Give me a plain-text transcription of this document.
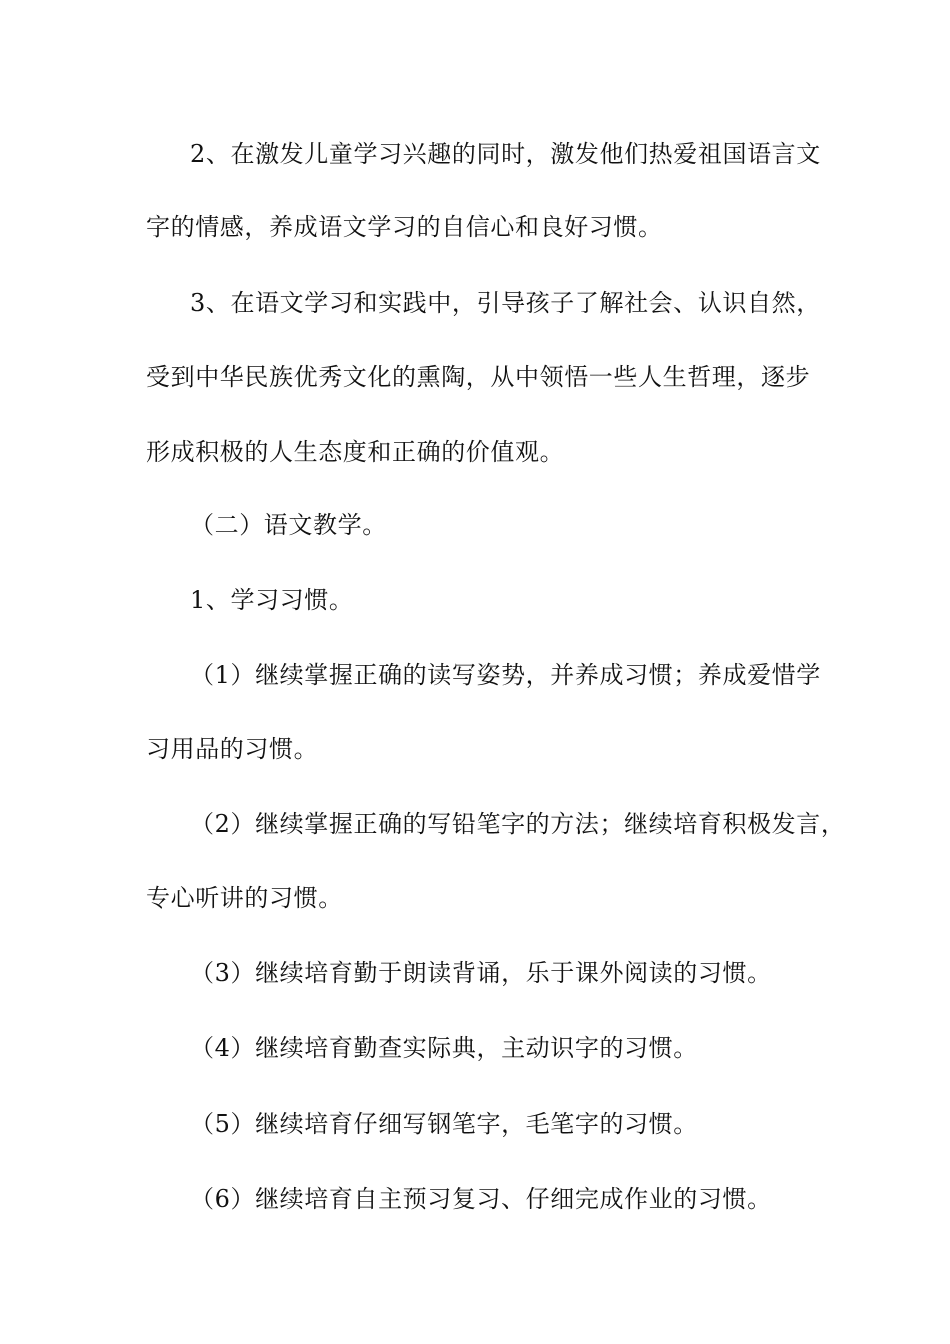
2、在激发儿童学习兴趣的同时，激发他们热爱祖国语言文
字的情感，养成语文学习的自信心和良好习惯。
3、在语文学习和实践中，引导孩子了解社会、认识自然，
受到中华民族优秀文化的熏陶，从中领悟一些人生哲理，逐步
形成积极的人生态度和正确的价值观。
（二）语文教学。
1、学习习惯。
（1）继续掌握正确的读写姿势，并养成习惯；养成爱惜学
习用品的习惯。
（2）继续掌握正确的写铅笔字的方法；继续培育积极发言，
专心听讲的习惯。
（3）继续培育勤于朗读背诵，乐于课外阅读的习惯。
（4）继续培育勤查实际典，主动识字的习惯。
（5）继续培育仔细写钢笔字，毛笔字的习惯。
（6）继续培育自主预习复习、仔细完成作业的习惯。
